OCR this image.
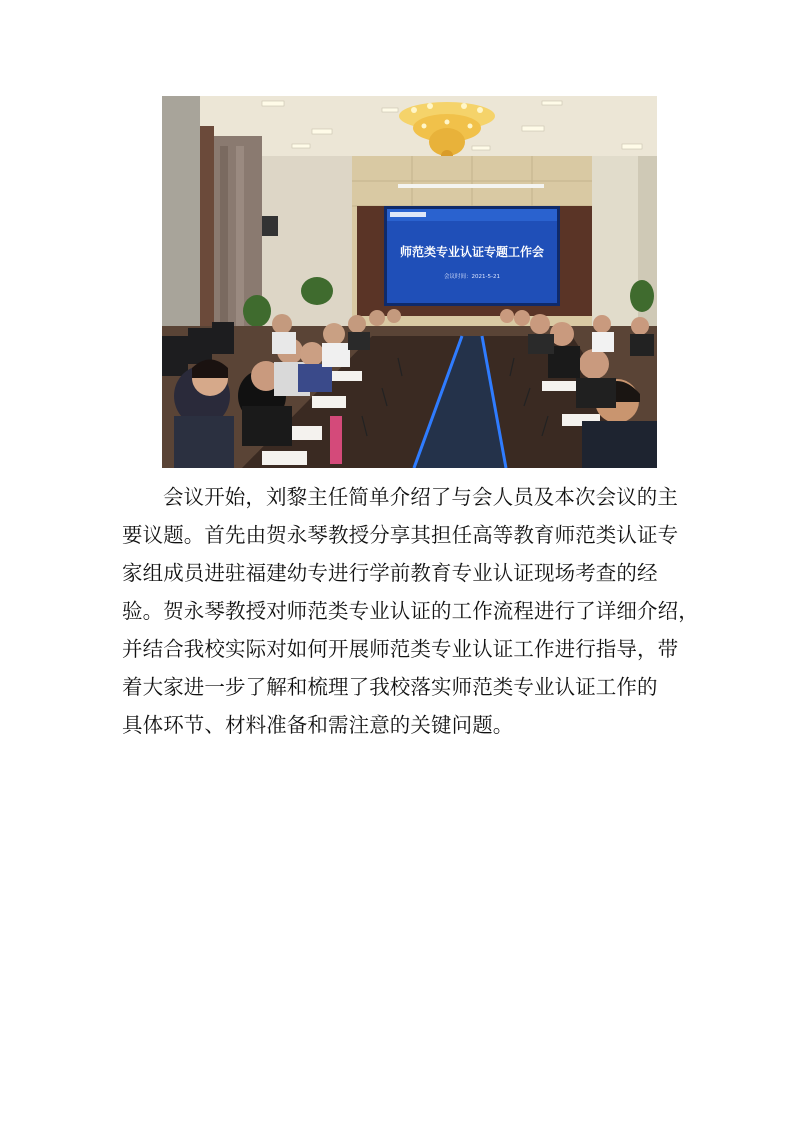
师范类专业认证专题工作会
会议时间：2021-5-21
会议开始，刘黎主任简单介绍了与会人员及本次会议的主
要议题。首先由贺永琴教授分享其担任高等教育师范类认证专
家组成员进驻福建幼专进行学前教育专业认证现场考查的经
验。贺永琴教授对师范类专业认证的工作流程进行了详细介绍，
并结合我校实际对如何开展师范类专业认证工作进行指导，带
着大家进一步了解和梳理了我校落实师范类专业认证工作的
具体环节、材料准备和需注意的关键问题。
